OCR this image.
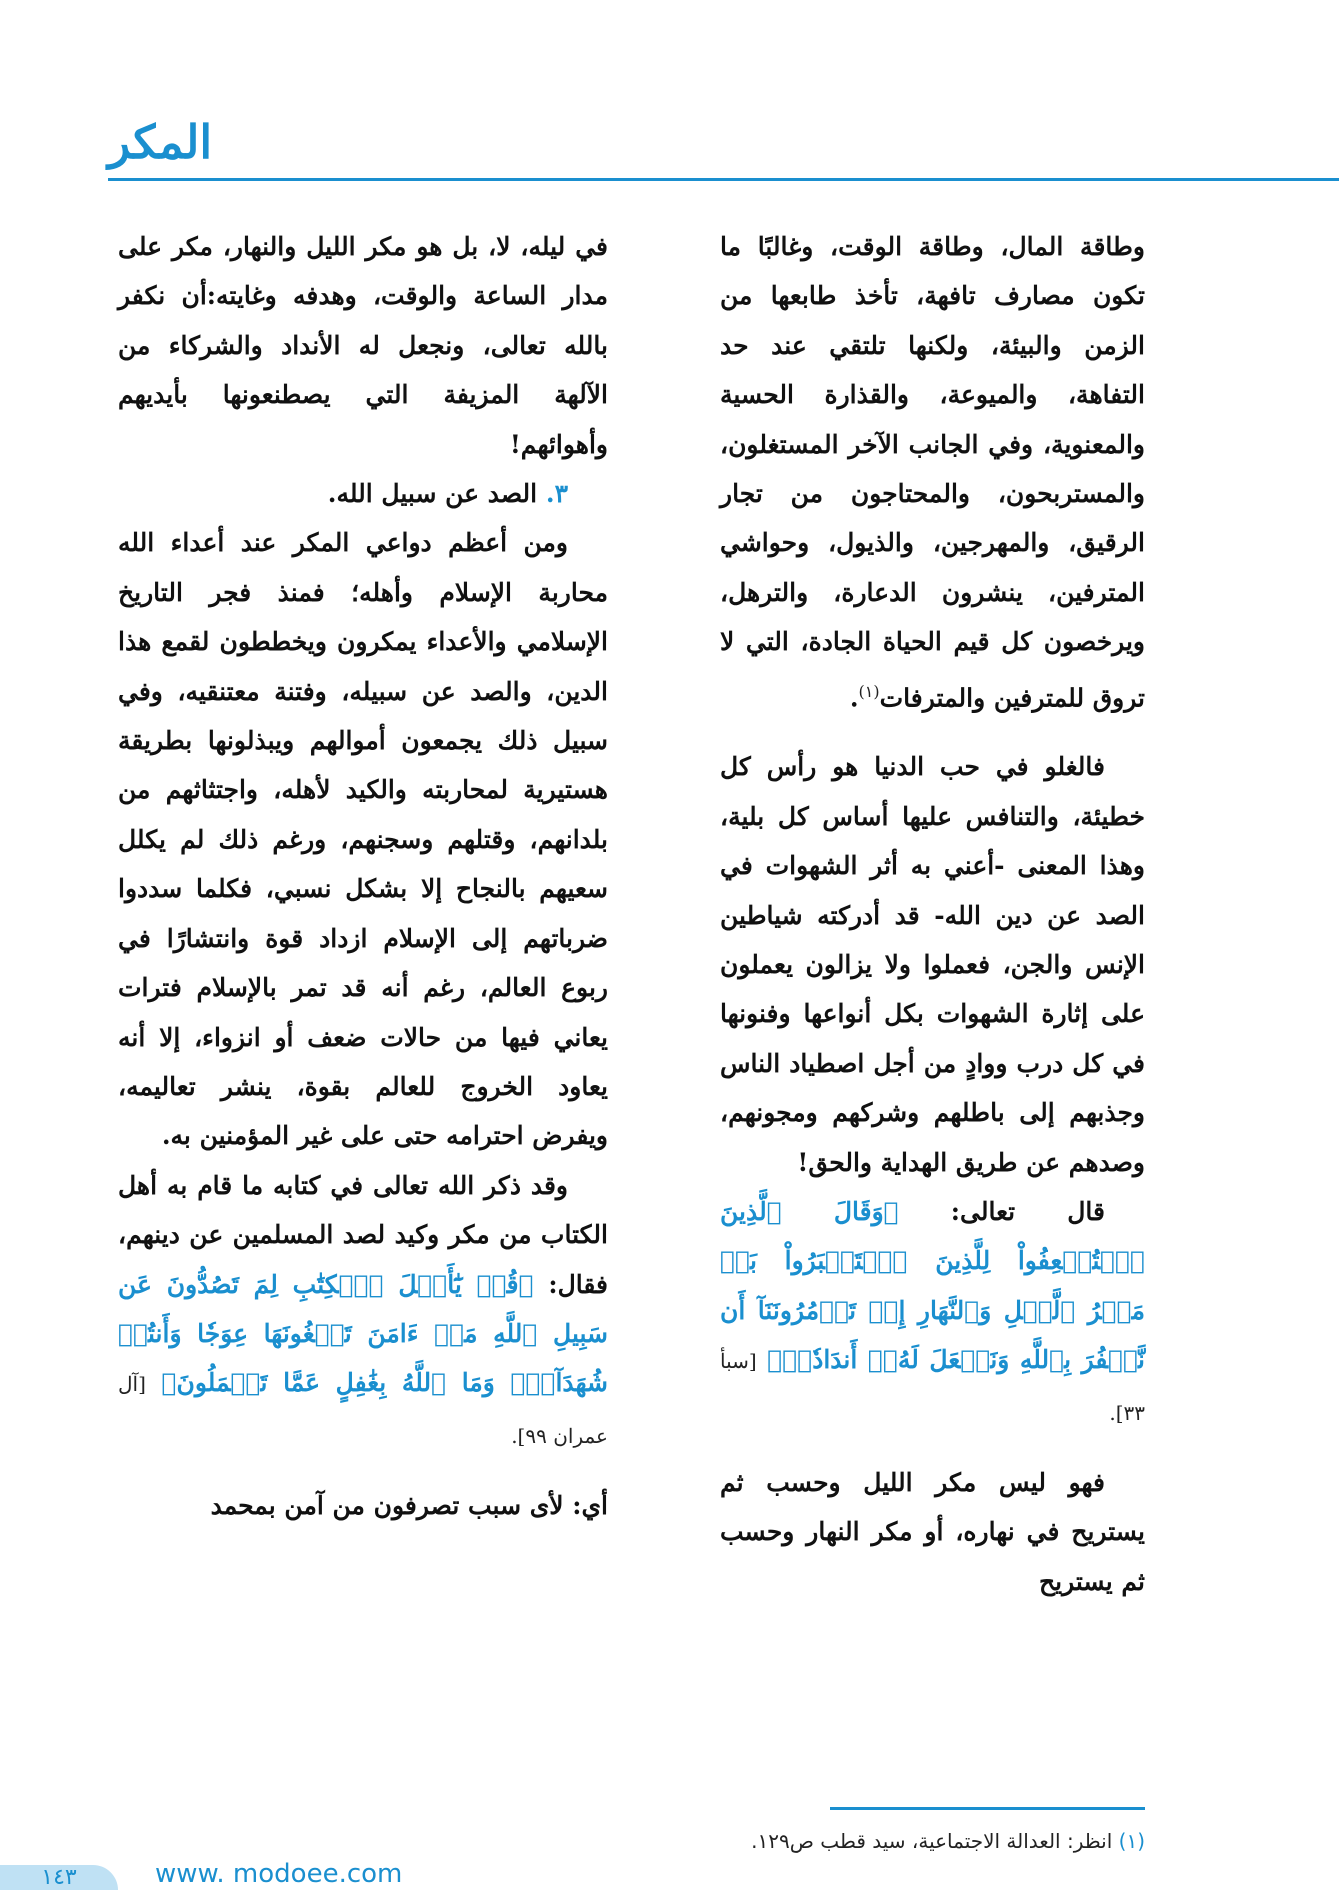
المكر

وطاقة المال، وطاقة الوقت، وغالبًا ما تكون مصارف تافهة، تأخذ طابعها من الزمن والبيئة، ولكنها تلتقي عند حد التفاهة، والميوعة، والقذارة الحسية والمعنوية، وفي الجانب الآخر المستغلون، والمستربحون، والمحتاجون من تجار الرقيق، والمهرجين، والذيول، وحواشي المترفين، ينشرون الدعارة، والترهل، ويرخصون كل قيم الحياة الجادة، التي لا تروق للمترفين والمترفات$^{(١)}$.

فالغلو في حب الدنيا هو رأس كل خطيئة، والتنافس عليها أساس كل بلية، وهذا المعنى -أعني به أثر الشهوات في الصد عن دين الله- قد أدركته شياطين الإنس والجن، فعملوا ولا يزالون يعملون على إثارة الشهوات بكل أنواعها وفنونها في كل درب ووادٍ من أجل اصطياد الناس وجذبهم إلى باطلهم وشركهم ومجونهم، وصدهم عن طريق الهداية والحق!

قال تعالى: ﴿وَقَالَ ٱلَّذِينَ ٱسۡتُضۡعِفُواْ لِلَّذِينَ ٱسۡتَكۡبَرُواْ بَلۡ مَكۡرُ ٱلَّيۡلِ وَٱلنَّهَارِ إِذۡ تَأۡمُرُونَنَآ أَن نَّكۡفُرَ بِٱللَّهِ وَنَجۡعَلَ لَهُۥٓ أَندَادٗاۚ﴾ [سبأ ٣٣].

فهو ليس مكر الليل وحسب ثم يستريح في نهاره، أو مكر النهار وحسب ثم يستريح

في ليله، لا، بل هو مكر الليل والنهار، مكر على مدار الساعة والوقت، وهدفه وغايته:أن نكفر بالله تعالى، ونجعل له الأنداد والشركاء من الآلهة المزيفة التي يصطنعونها بأيديهم وأهوائهم!

٣. الصد عن سبيل الله.

ومن أعظم دواعي المكر عند أعداء الله محاربة الإسلام وأهله؛ فمنذ فجر التاريخ الإسلامي والأعداء يمكرون ويخططون لقمع هذا الدين، والصد عن سبيله، وفتنة معتنقيه، وفي سبيل ذلك يجمعون أموالهم ويبذلونها بطريقة هستيرية لمحاربته والكيد لأهله، واجتثاثهم من بلدانهم، وقتلهم وسجنهم، ورغم ذلك لم يكلل سعيهم بالنجاح إلا بشكل نسبي، فكلما سددوا ضرباتهم إلى الإسلام ازداد قوة وانتشارًا في ربوع العالم، رغم أنه قد تمر بالإسلام فترات يعاني فيها من حالات ضعف أو انزواء، إلا أنه يعاود الخروج للعالم بقوة، ينشر تعاليمه، ويفرض احترامه حتى على غير المؤمنين به.

وقد ذكر الله تعالى في كتابه ما قام به أهل الكتاب من مكر وكيد لصد المسلمين عن دينهم، فقال: ﴿قُلۡ يَٰٓأَهۡلَ ٱلۡكِتَٰبِ لِمَ تَصُدُّونَ عَن سَبِيلِ ٱللَّهِ مَنۡ ءَامَنَ تَبۡغُونَهَا عِوَجٗا وَأَنتُمۡ شُهَدَآءُۗ وَمَا ٱللَّهُ بِغَٰفِلٍ عَمَّا تَعۡمَلُونَ﴾ [آل عمران ٩٩].

أي: لأى سبب تصرفون من آمن بمحمد

(١) انظر: العدالة الاجتماعية، سيد قطب ص١٢٩.
١٤٣	www. modoee.com
